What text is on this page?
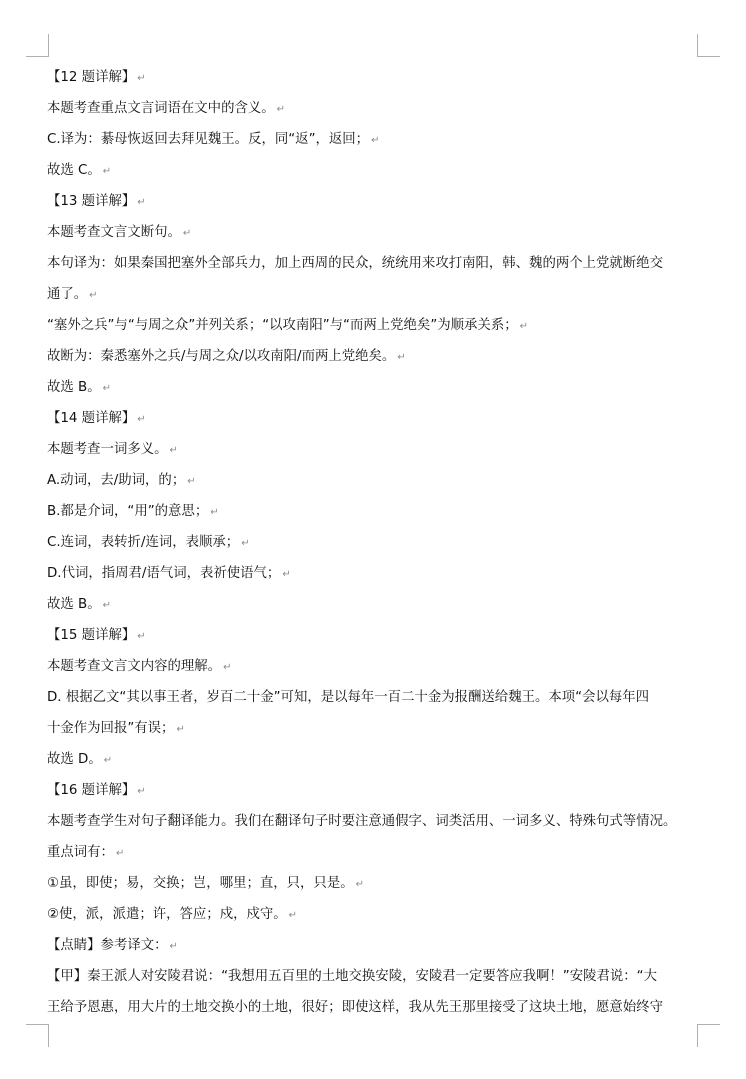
【12 题详解】 ↵
本题考查重点文言词语在文中的含义。 ↵
C.译为：綦母恢返回去拜见魏王。反，同“返”，返回； ↵
故选 C。 ↵
【13 题详解】 ↵
本题考查文言文断句。 ↵
本句译为：如果秦国把塞外全部兵力，加上西周的民众，统统用来攻打南阳，韩、魏的两个上党就断绝交
通了。 ↵
“塞外之兵”与“与周之众”并列关系；“以攻南阳”与“而两上党绝矣”为顺承关系； ↵
故断为：秦悉塞外之兵/与周之众/以攻南阳/而两上党绝矣。 ↵
故选 B。 ↵
【14 题详解】 ↵
本题考查一词多义。 ↵
A.动词，去/助词，的； ↵
B.都是介词，“用”的意思； ↵
C.连词，表转折/连词，表顺承； ↵
D.代词，指周君/语气词，表祈使语气； ↵
故选 B。 ↵
【15 题详解】 ↵
本题考查文言文内容的理解。 ↵
D. 根据乙文“其以事王者，岁百二十金”可知，是以每年一百二十金为报酬送给魏王。本项“会以每年四
十金作为回报”有误； ↵
故选 D。 ↵
【16 题详解】 ↵
本题考查学生对句子翻译能力。我们在翻译句子时要注意通假字、词类活用、一词多义、特殊句式等情况。
重点词有： ↵
①虽，即使；易，交换；岂，哪里；直，只，只是。 ↵
②使，派，派遣；许，答应；戍，戍守。 ↵
【点睛】参考译文： ↵
【甲】秦王派人对安陵君说：“我想用五百里的土地交换安陵，安陵君一定要答应我啊！”安陵君说：“大
王给予恩惠，用大片的土地交换小的土地，很好；即使这样，我从先王那里接受了这块土地，愿意始终守
